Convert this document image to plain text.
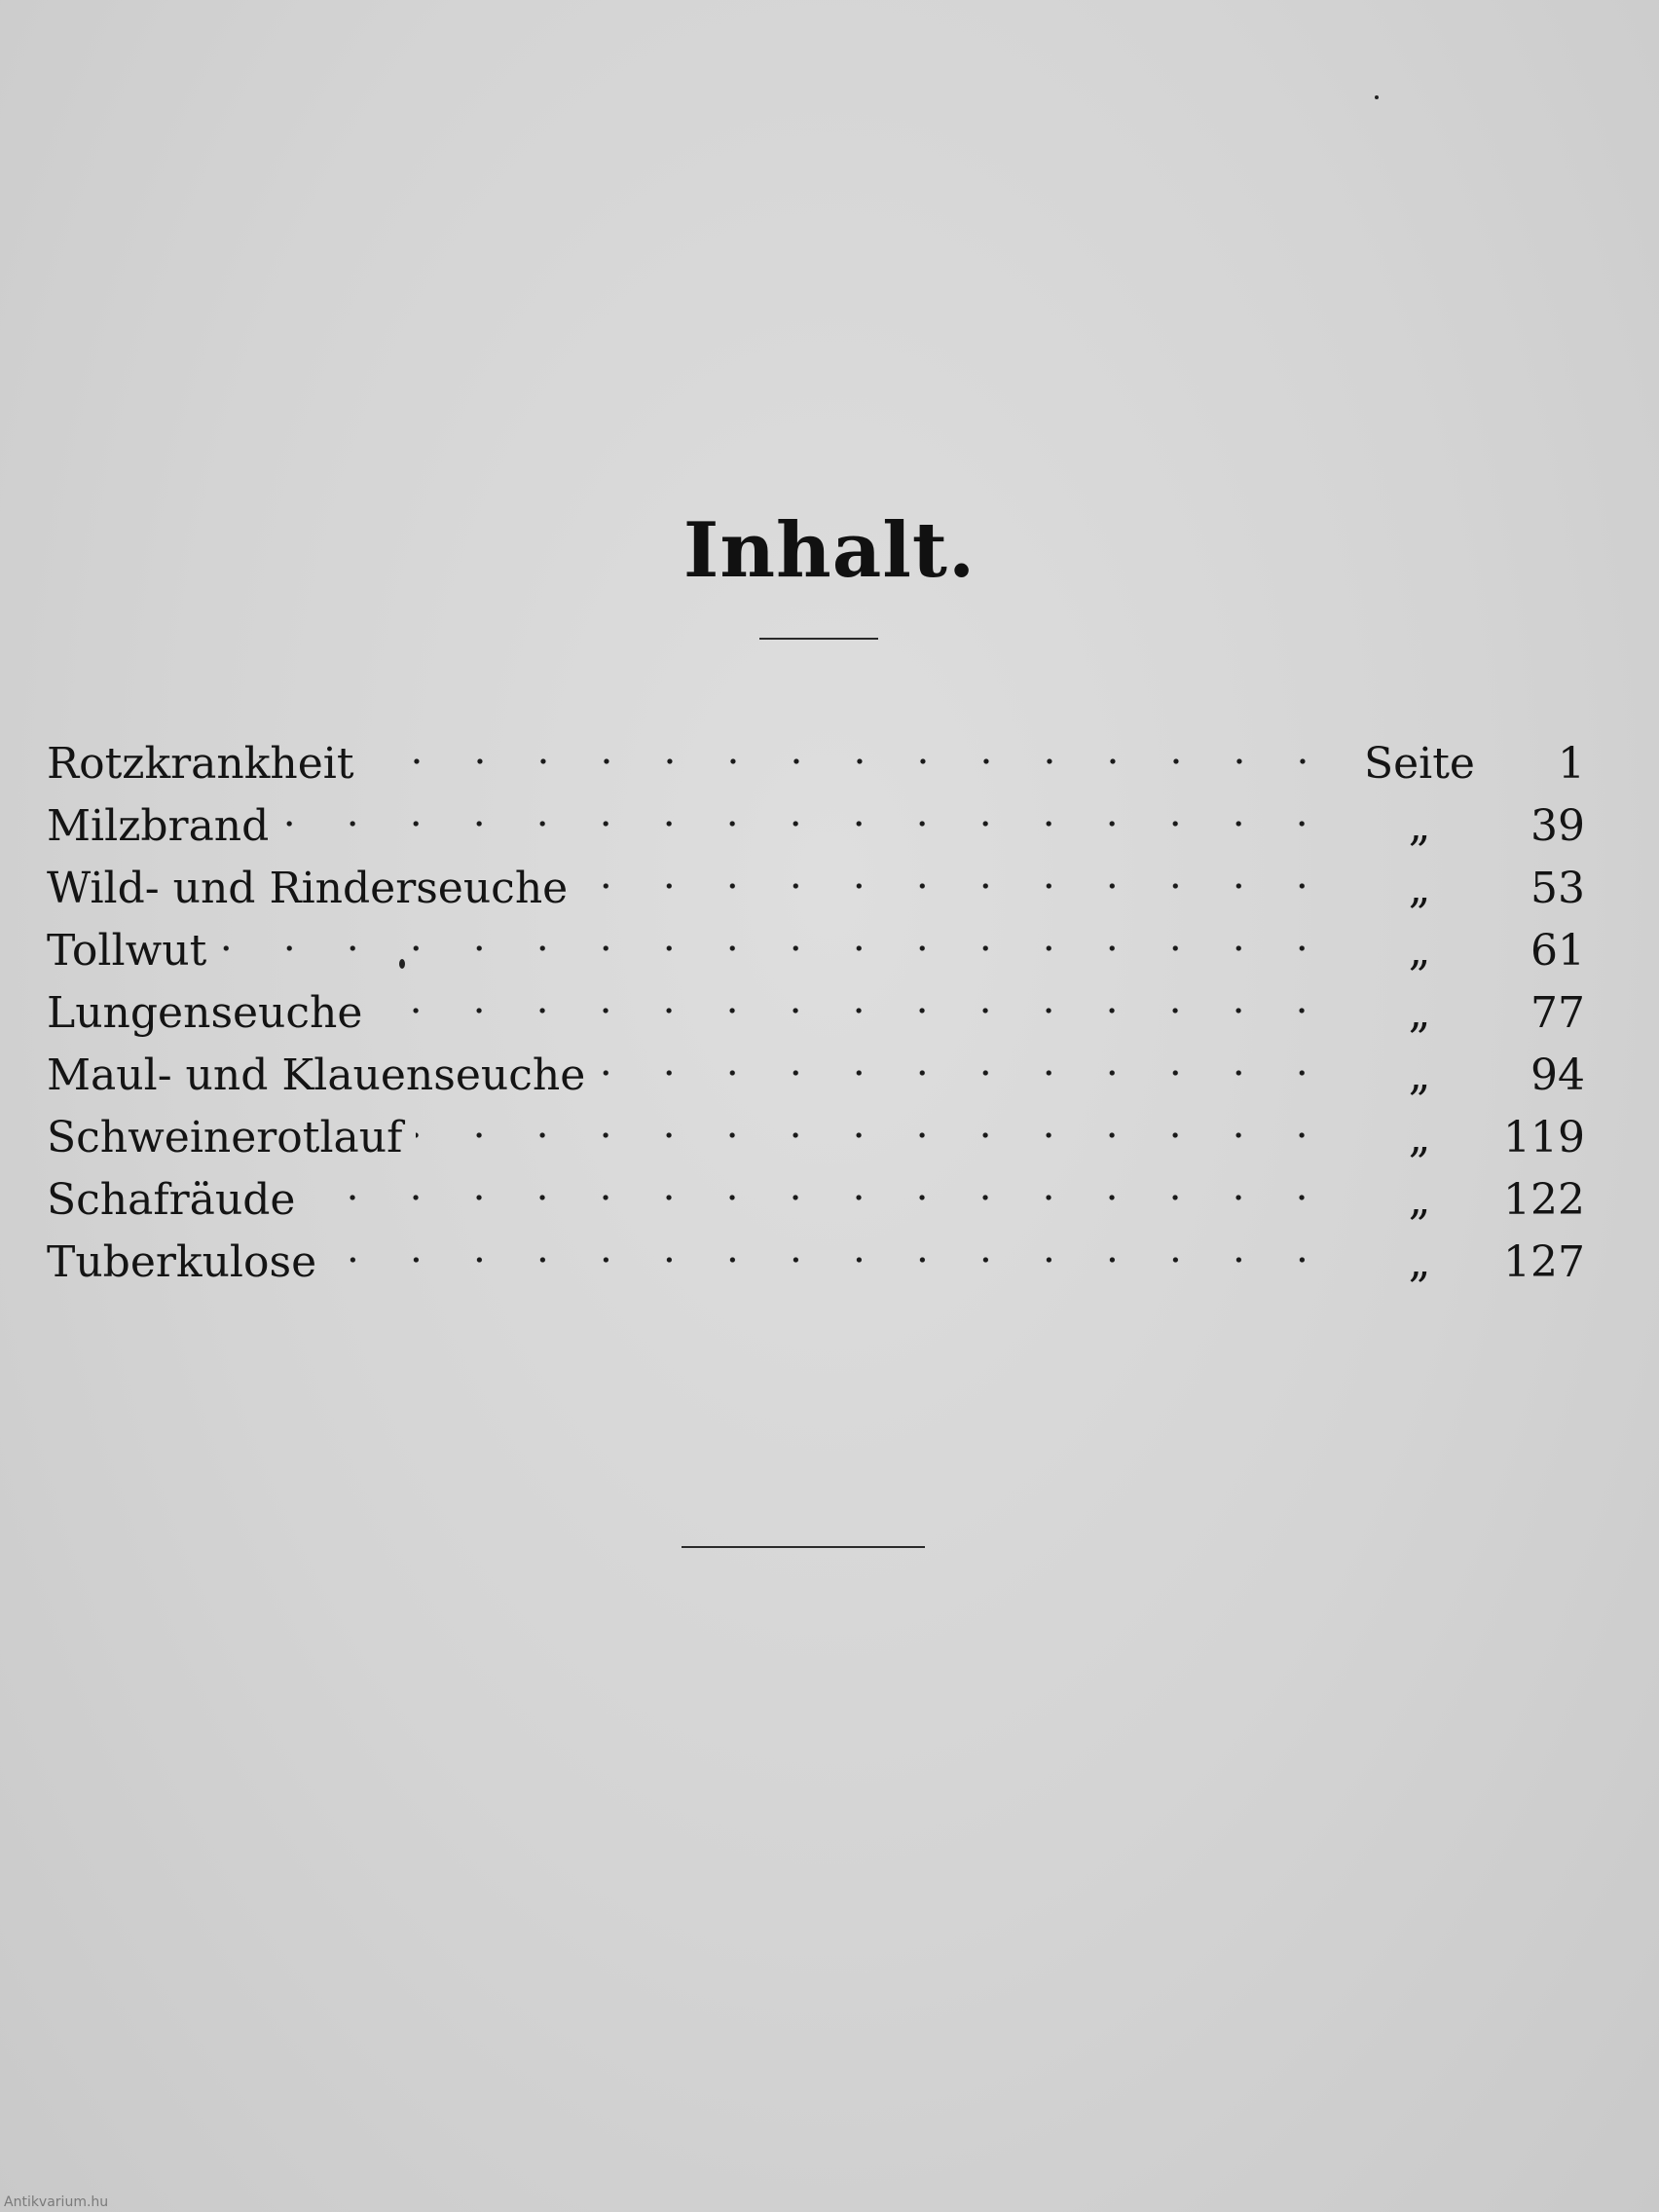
Inhalt.
Rotzkrankheit	Seite	1
Milzbrand	„	39
Wild- und Rinderseuche	„	53
Tollwut	„	61
Lungenseuche	„	77
Maul- und Klauenseuche	„	94
Schweinerotlauf	„	119
Schafräude	„	122
Tuberkulose	„	127
Antikvarium.hu
